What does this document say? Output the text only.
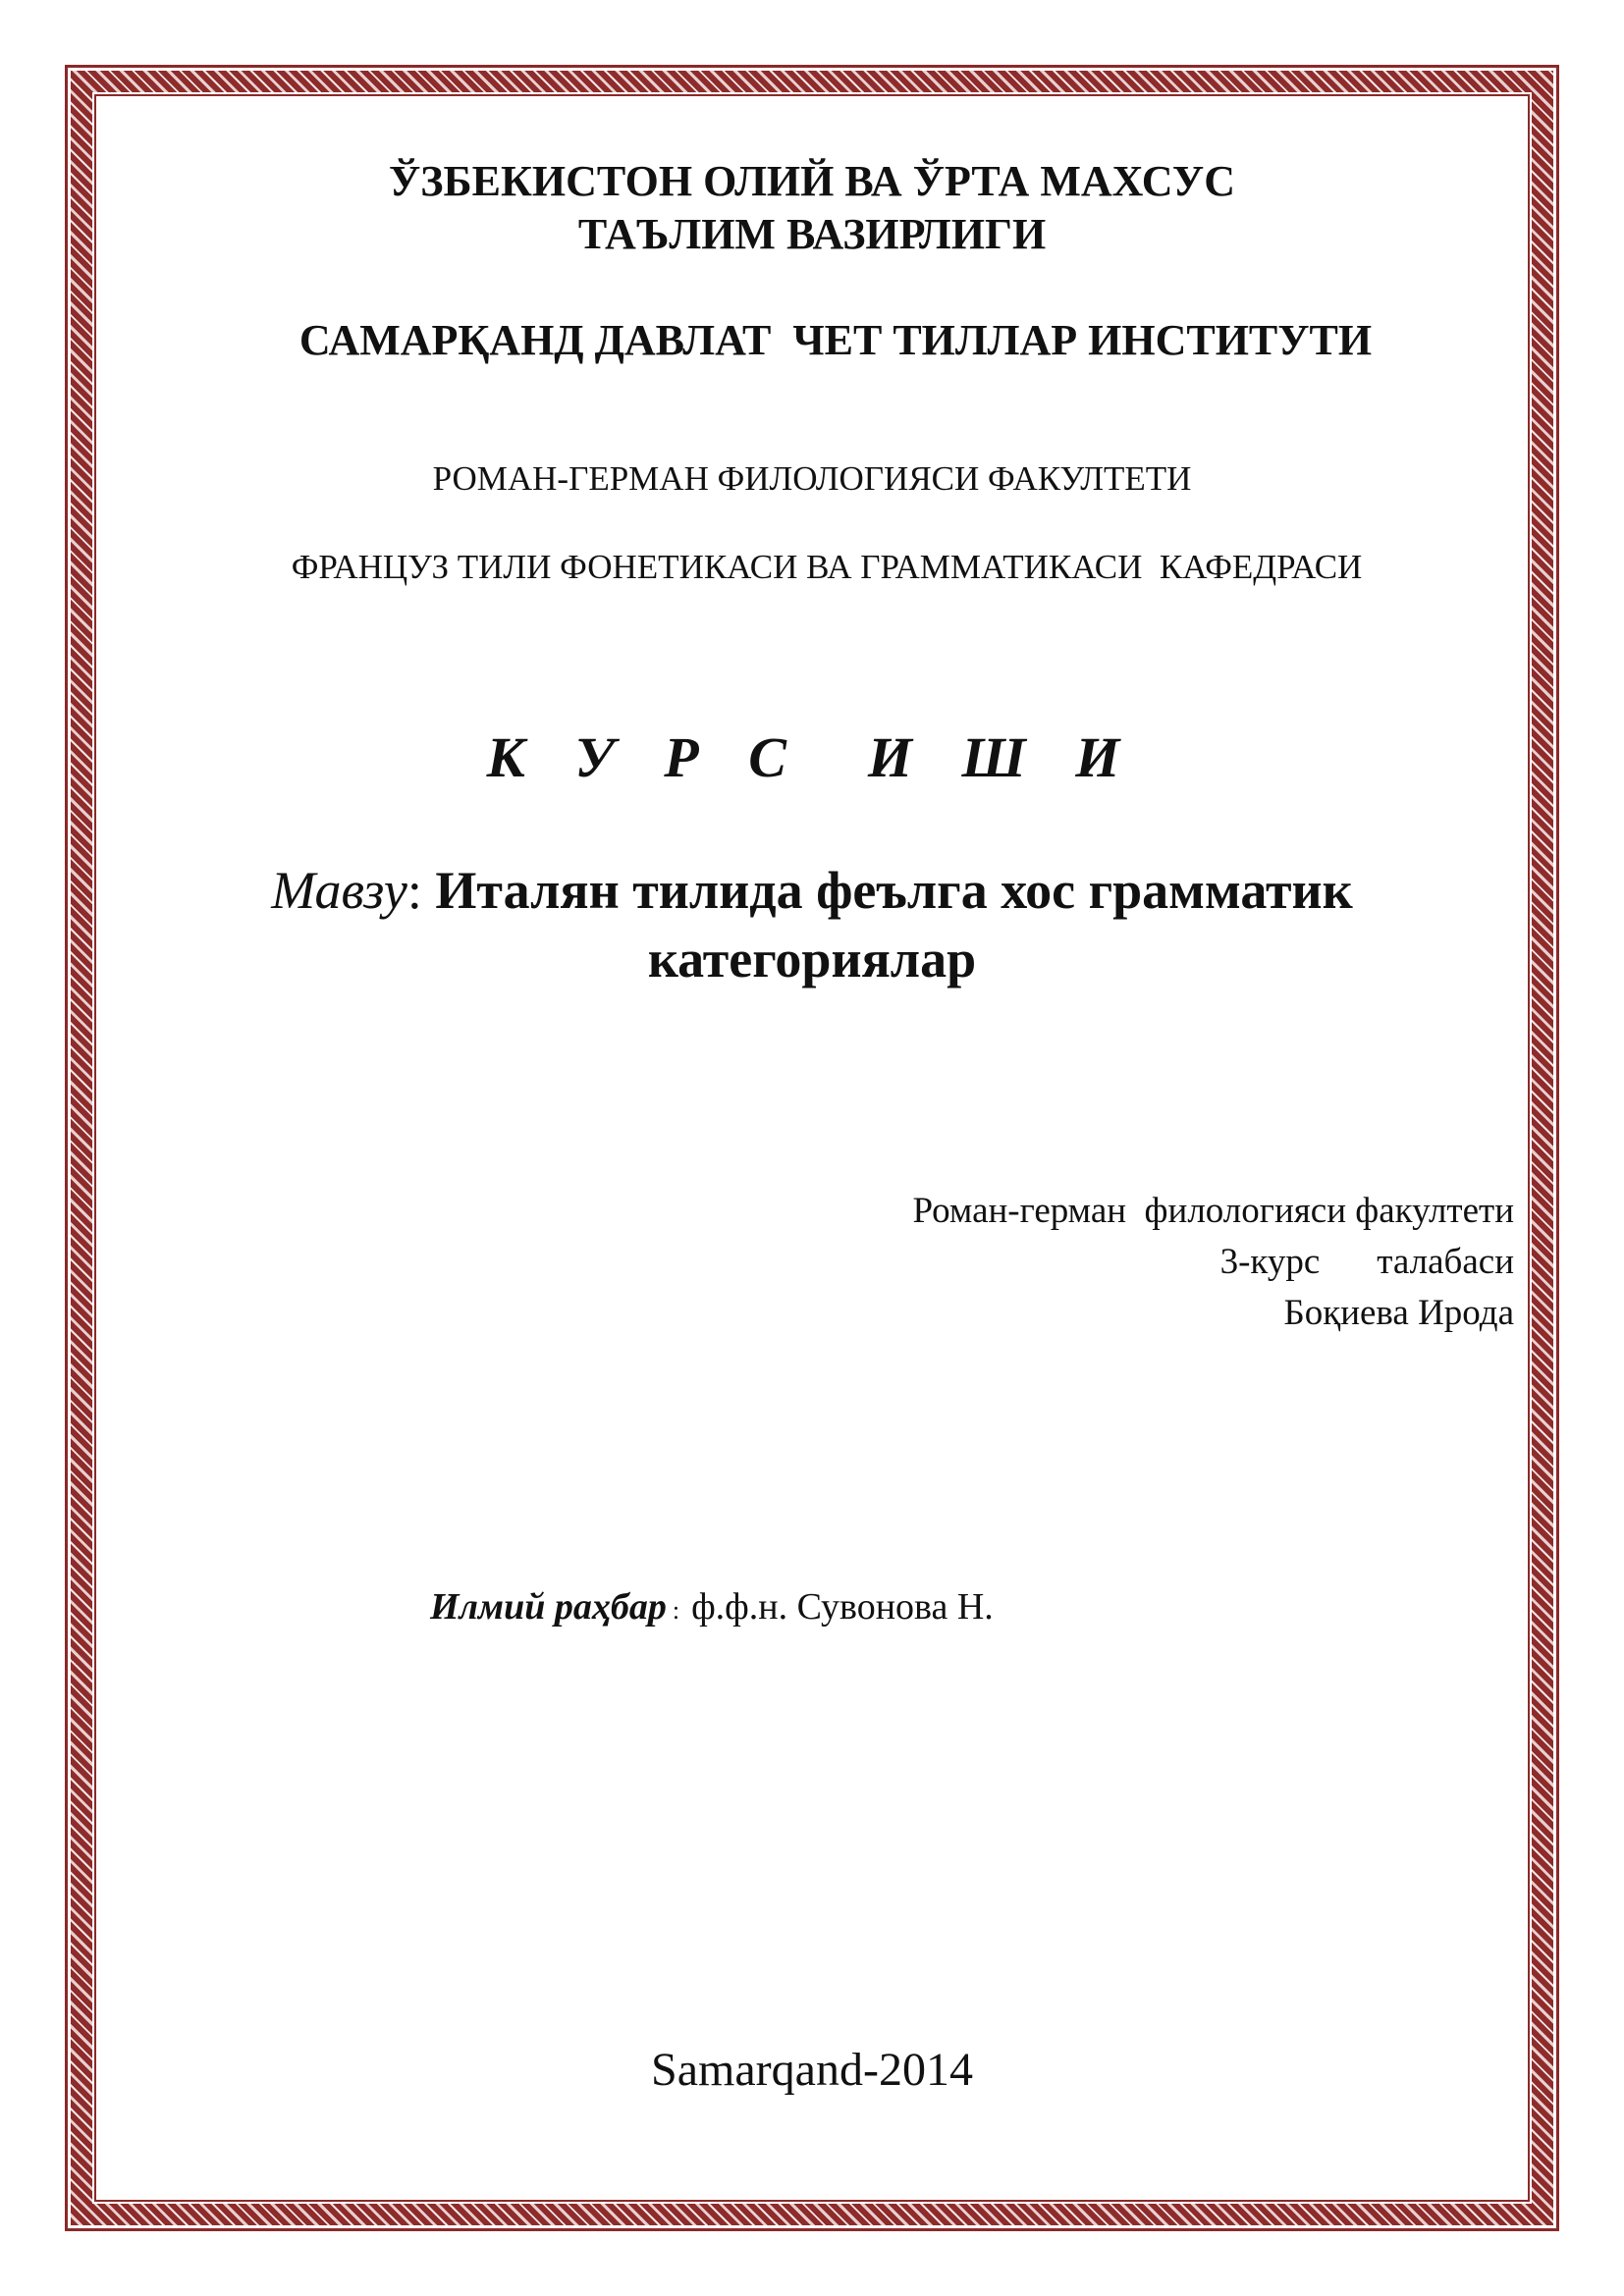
ЎЗБЕКИСТОН ОЛИЙ ВА ЎРТА МАХСУС
ТАЪЛИМ ВАЗИРЛИГИ
САМАРҚАНД ДАВЛАТ  ЧЕТ ТИЛЛАР ИНСТИТУТИ
РОМАН-ГЕРМАН ФИЛОЛОГИЯСИ ФАКУЛТЕТИ
ФРАНЦУЗ ТИЛИ ФОНЕТИКАСИ ВА ГРАММАТИКАСИ  КАФЕДРАСИ
К У Р С  И Ш И
Мавзу: Италян тилида феълга хос грамматик
категориялар
Роман-герман  филологияси факултети
3-курс талабаси
Боқиева Ирода
Илмий раҳбар : ф.ф.н. Сувонова Н.
Samarqand-2014
